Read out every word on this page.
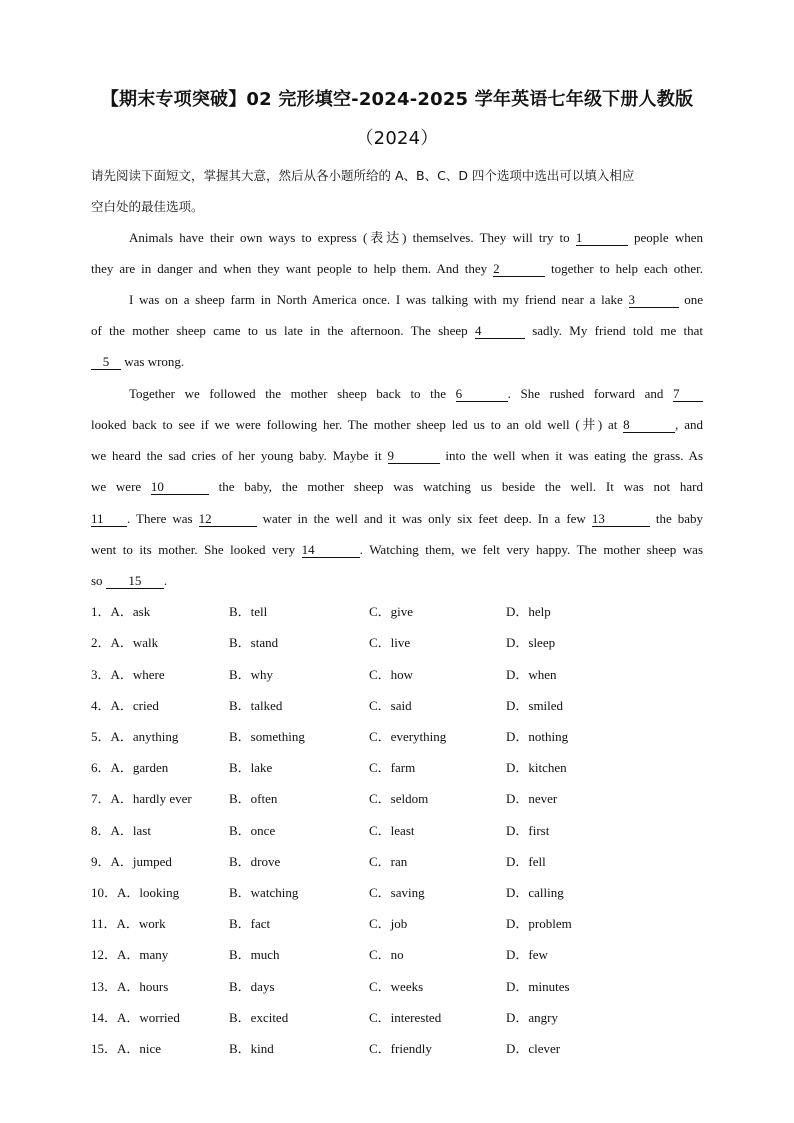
【期末专项突破】02 完形填空-2024-2025 学年英语七年级下册人教版
（2024）
请先阅读下面短文，掌握其大意，然后从各小题所给的 A、B、C、D 四个选项中选出可以填入相应
空白处的最佳选项。
Animals have their own ways to express (表达) themselves. They will try to 1	people when
they are in danger and when they want people to help them. And they 2	together to help each other.
I was on a sheep farm in North America once. I was talking with my friend near a lake 3	one
of the mother sheep came to us late in the afternoon. The sheep 4	sadly. My friend told me that
5 was wrong.
Together we followed the mother sheep back to the 6	. She rushed forward and 7
looked back to see if we were following her. The mother sheep led us to an old well (井) at 8	, and
we heard the sad cries of her young baby. Maybe it 9	into the well when it was eating the grass. As
we were 10	the baby, the mother sheep was watching us beside the well. It was not hard
11 . There was 12	water in the well and it was only six feet deep. In a few 13	the baby
went to its mother. She looked very 14	. Watching them, we felt very happy. The mother sheep was
so 15 .
1．A．ask	B．tell	C．give	D．help
2．A．walk	B．stand	C．live	D．sleep
3．A．where	B．why	C．how	D．when
4．A．cried	B．talked	C．said	D．smiled
5．A．anything	B．something	C．everything	D．nothing
6．A．garden	B．lake	C．farm	D．kitchen
7．A．hardly ever	B．often	C．seldom	D．never
8．A．last	B．once	C．least	D．first
9．A．jumped	B．drove	C．ran	D．fell
10．A．looking	B．watching	C．saving	D．calling
11．A．work	B．fact	C．job	D．problem
12．A．many	B．much	C．no	D．few
13．A．hours	B．days	C．weeks	D．minutes
14．A．worried	B．excited	C．interested	D．angry
15．A．nice	B．kind	C．friendly	D．clever
